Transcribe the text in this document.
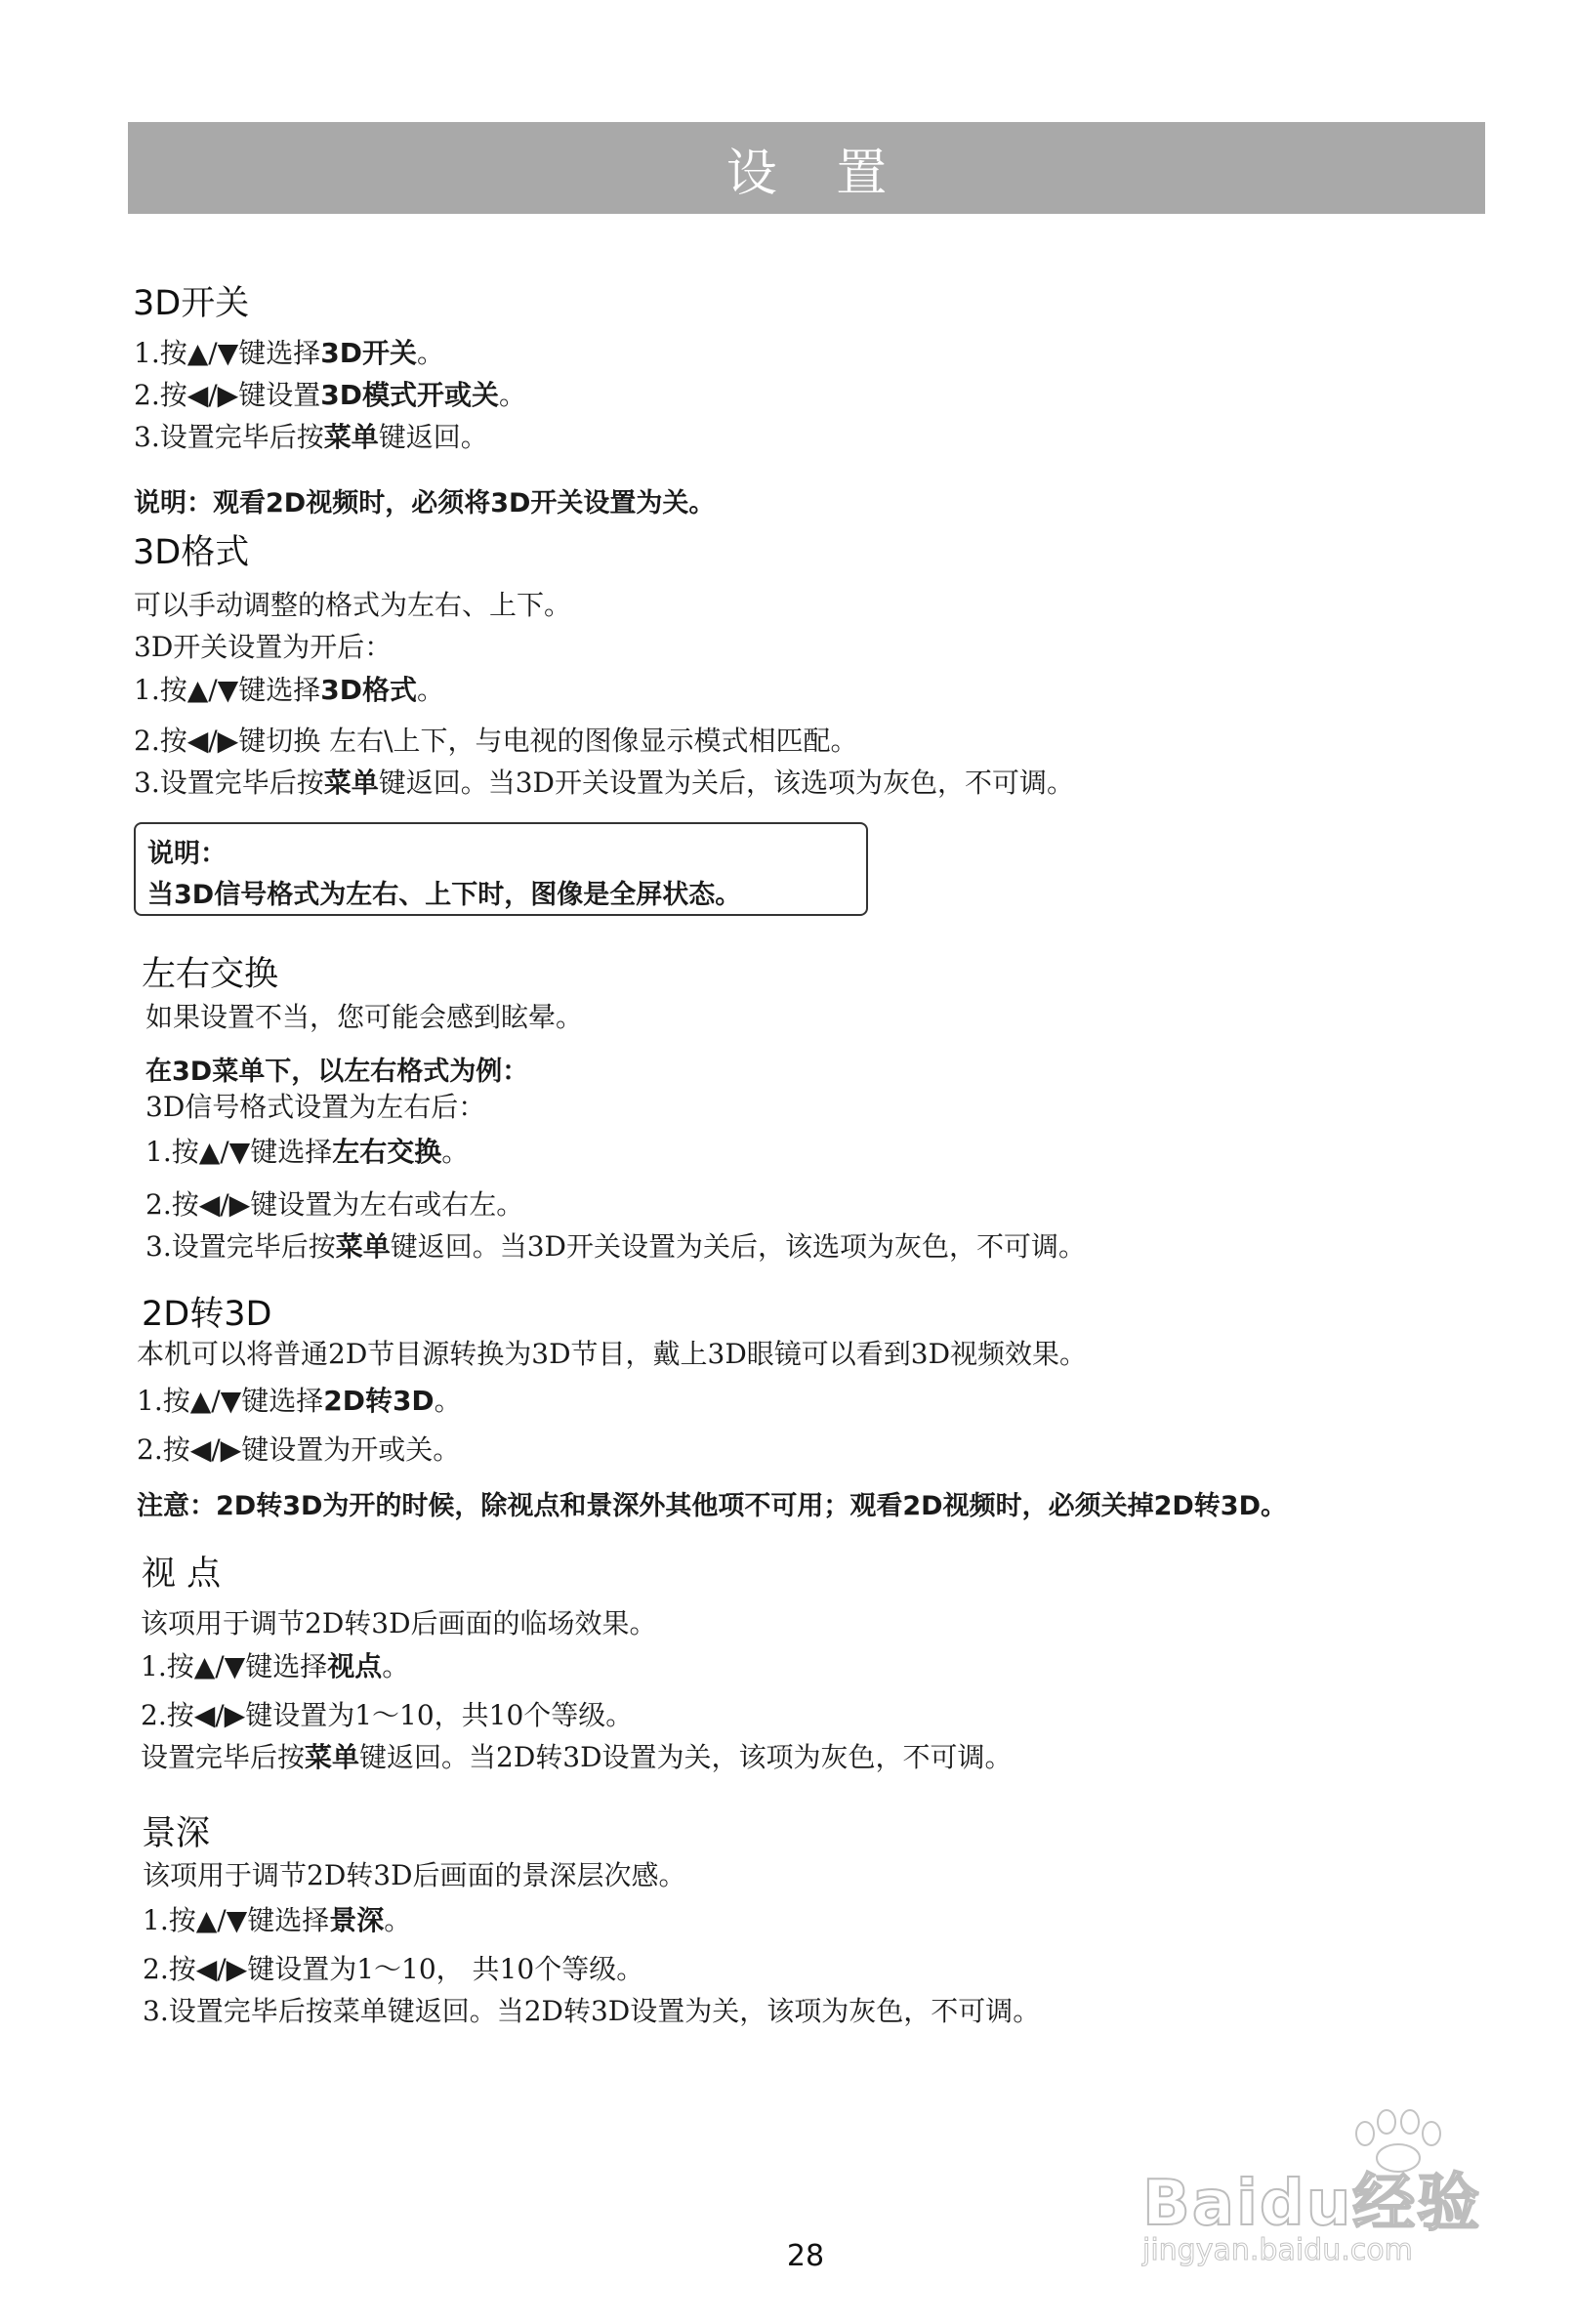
设 置
3D开关
1.按▲/▼键选择3D开关。
2.按◀/▶键设置3D模式开或关。
3.设置完毕后按菜单键返回。
说明：观看2D视频时，必须将3D开关设置为关。
3D格式
可以手动调整的格式为左右、上下。
3D开关设置为开后：
1.按▲/▼键选择3D格式。
2.按◀/▶键切换 左右\上下，与电视的图像显示模式相匹配。
3.设置完毕后按菜单键返回。当3D开关设置为关后，该选项为灰色，不可调。
说明：
当3D信号格式为左右、上下时，图像是全屏状态。
左右交换
如果设置不当，您可能会感到眩晕。
在3D菜单下，以左右格式为例：
3D信号格式设置为左右后：
1.按▲/▼键选择左右交换。
2.按◀/▶键设置为左右或右左。
3.设置完毕后按菜单键返回。当3D开关设置为关后，该选项为灰色，不可调。
2D转3D
本机可以将普通2D节目源转换为3D节目，戴上3D眼镜可以看到3D视频效果。
1.按▲/▼键选择2D转3D。
2.按◀/▶键设置为开或关。
注意：2D转3D为开的时候，除视点和景深外其他项不可用；观看2D视频时，必须关掉2D转3D。
视 点
该项用于调节2D转3D后画面的临场效果。
1.按▲/▼键选择视点。
2.按◀/▶键设置为1～10，共10个等级。
设置完毕后按菜单键返回。当2D转3D设置为关，该项为灰色，不可调。
景深
该项用于调节2D转3D后画面的景深层次感。
1.按▲/▼键选择景深。
2.按◀/▶键设置为1～10， 共10个等级。
3.设置完毕后按菜单键返回。当2D转3D设置为关，该项为灰色，不可调。
28
Baidu经验
jingyan.baidu.com
